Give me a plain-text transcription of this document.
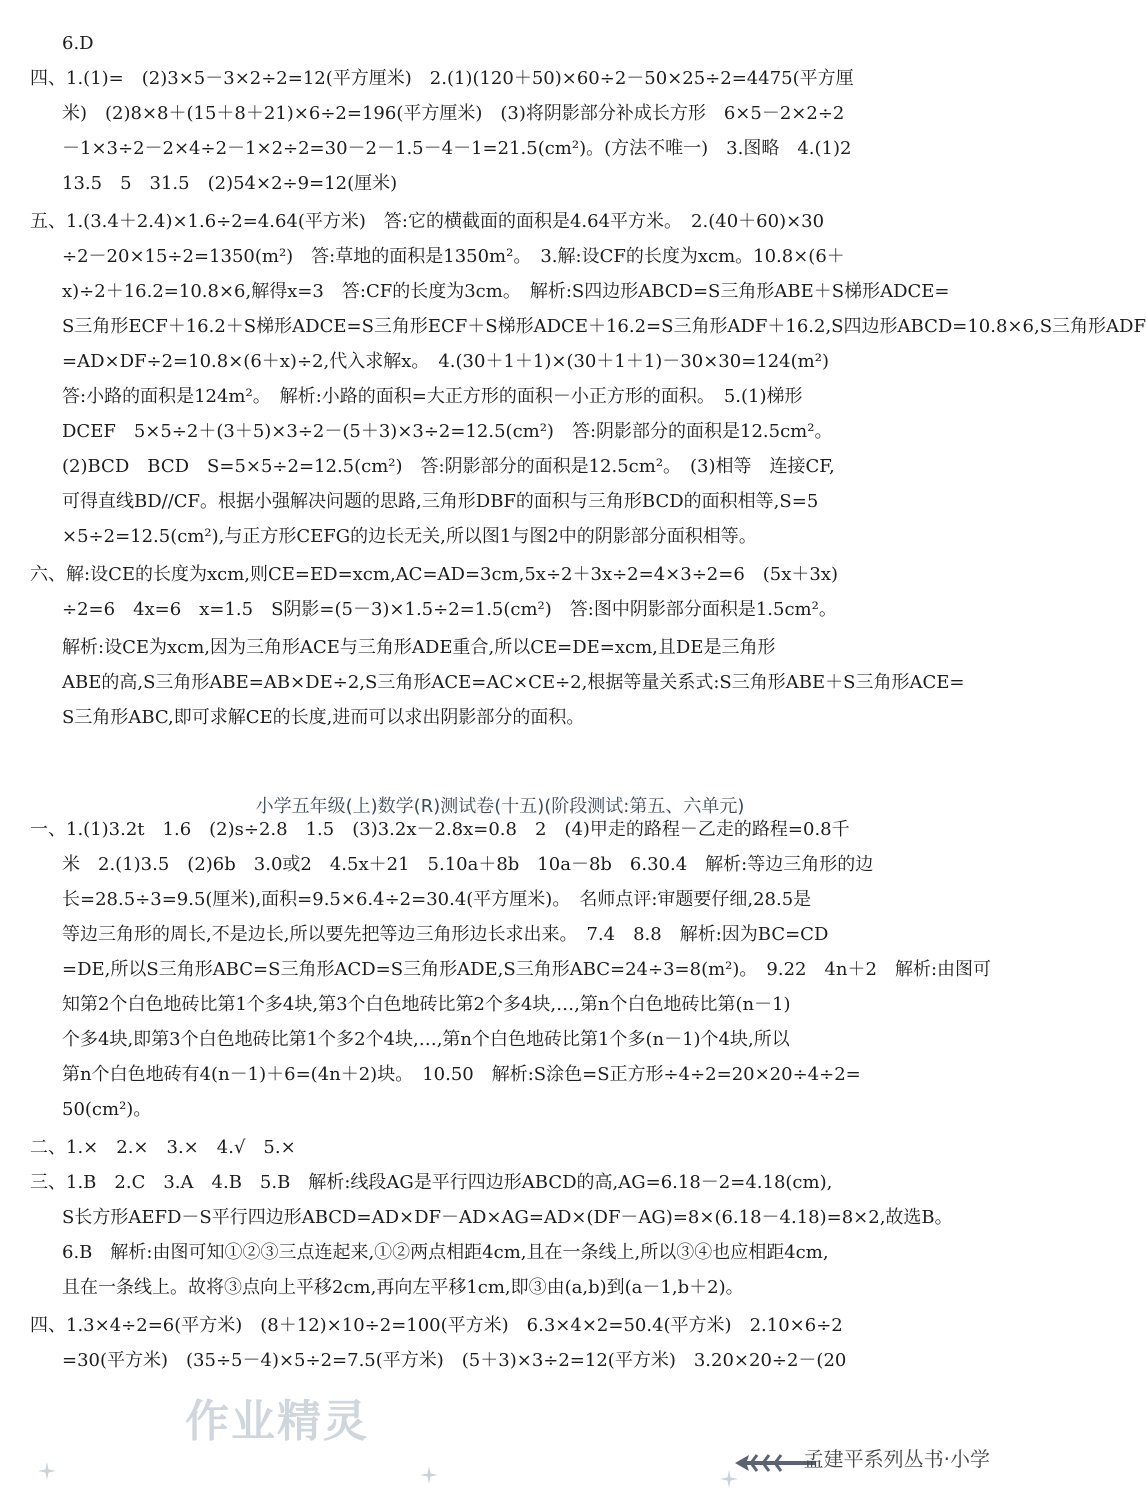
6.D
四、1.(1)=　(2)3×5－3×2÷2=12(平方厘米)　2.(1)(120＋50)×60÷2－50×25÷2=4475(平方厘
米)　(2)8×8＋(15＋8＋21)×6÷2=196(平方厘米)　(3)将阴影部分补成长方形　6×5－2×2÷2
－1×3÷2－2×4÷2－1×2÷2=30－2－1.5－4－1=21.5(cm²)。(方法不唯一)　3.图略　4.(1)2
13.5　5　31.5　(2)54×2÷9=12(厘米)
五、1.(3.4＋2.4)×1.6÷2=4.64(平方米)　答:它的横截面的面积是4.64平方米。　2.(40＋60)×30
÷2－20×15÷2=1350(m²)　答:草地的面积是1350m²。　3.解:设CF的长度为xcm。10.8×(6＋
x)÷2＋16.2=10.8×6,解得x=3　答:CF的长度为3cm。　解析:S四边形ABCD=S三角形ABE＋S梯形ADCE=
S三角形ECF＋16.2＋S梯形ADCE=S三角形ECF＋S梯形ADCE＋16.2=S三角形ADF＋16.2,S四边形ABCD=10.8×6,S三角形ADF
=AD×DF÷2=10.8×(6＋x)÷2,代入求解x。　4.(30＋1＋1)×(30＋1＋1)－30×30=124(m²)
答:小路的面积是124m²。　解析:小路的面积=大正方形的面积－小正方形的面积。　5.(1)梯形
DCEF　5×5÷2＋(3＋5)×3÷2－(5＋3)×3÷2=12.5(cm²)　答:阴影部分的面积是12.5cm²。
(2)BCD　BCD　S=5×5÷2=12.5(cm²)　答:阴影部分的面积是12.5cm²。　(3)相等　连接CF,
可得直线BD//CF。根据小强解决问题的思路,三角形DBF的面积与三角形BCD的面积相等,S=5
×5÷2=12.5(cm²),与正方形CEFG的边长无关,所以图1与图2中的阴影部分面积相等。
六、解:设CE的长度为xcm,则CE=ED=xcm,AC=AD=3cm,5x÷2＋3x÷2=4×3÷2=6　(5x＋3x)
÷2=6　4x=6　x=1.5　S阴影=(5－3)×1.5÷2=1.5(cm²)　答:图中阴影部分面积是1.5cm²。
解析:设CE为xcm,因为三角形ACE与三角形ADE重合,所以CE=DE=xcm,且DE是三角形
ABE的高,S三角形ABE=AB×DE÷2,S三角形ACE=AC×CE÷2,根据等量关系式:S三角形ABE＋S三角形ACE=
S三角形ABC,即可求解CE的长度,进而可以求出阴影部分的面积。
一、1.(1)3.2t　1.6　(2)s÷2.8　1.5　(3)3.2x－2.8x=0.8　2　(4)甲走的路程－乙走的路程=0.8千
米　2.(1)3.5　(2)6b　3.0或2　4.5x＋21　5.10a＋8b　10a－8b　6.30.4　解析:等边三角形的边
长=28.5÷3=9.5(厘米),面积=9.5×6.4÷2=30.4(平方厘米)。　名师点评:审题要仔细,28.5是
等边三角形的周长,不是边长,所以要先把等边三角形边长求出来。　7.4　8.8　解析:因为BC=CD
=DE,所以S三角形ABC=S三角形ACD=S三角形ADE,S三角形ABC=24÷3=8(m²)。　9.22　4n＋2　解析:由图可
知第2个白色地砖比第1个多4块,第3个白色地砖比第2个多4块,…,第n个白色地砖比第(n－1)
个多4块,即第3个白色地砖比第1个多2个4块,…,第n个白色地砖比第1个多(n－1)个4块,所以
第n个白色地砖有4(n－1)＋6=(4n＋2)块。　10.50　解析:S涂色=S正方形÷4÷2=20×20÷4÷2=
50(cm²)。
二、1.×　2.×　3.×　4.√　5.×
三、1.B　2.C　3.A　4.B　5.B　解析:线段AG是平行四边形ABCD的高,AG=6.18－2=4.18(cm),
S长方形AEFD－S平行四边形ABCD=AD×DF－AD×AG=AD×(DF－AG)=8×(6.18－4.18)=8×2,故选B。
6.B　解析:由图可知①②③三点连起来,①②两点相距4cm,且在一条线上,所以③④也应相距4cm,
且在一条线上。故将③点向上平移2cm,再向左平移1cm,即③由(a,b)到(a－1,b＋2)。
四、1.3×4÷2=6(平方米)　(8＋12)×10÷2=100(平方米)　6.3×4×2=50.4(平方米)　2.10×6÷2
=30(平方米)　(35÷5－4)×5÷2=7.5(平方米)　(5＋3)×3÷2=12(平方米)　3.20×20÷2－(20
小学五年级(上)数学(R)测试卷(十五)(阶段测试:第五、六单元)
作业精灵
孟建平系列丛书·小学
